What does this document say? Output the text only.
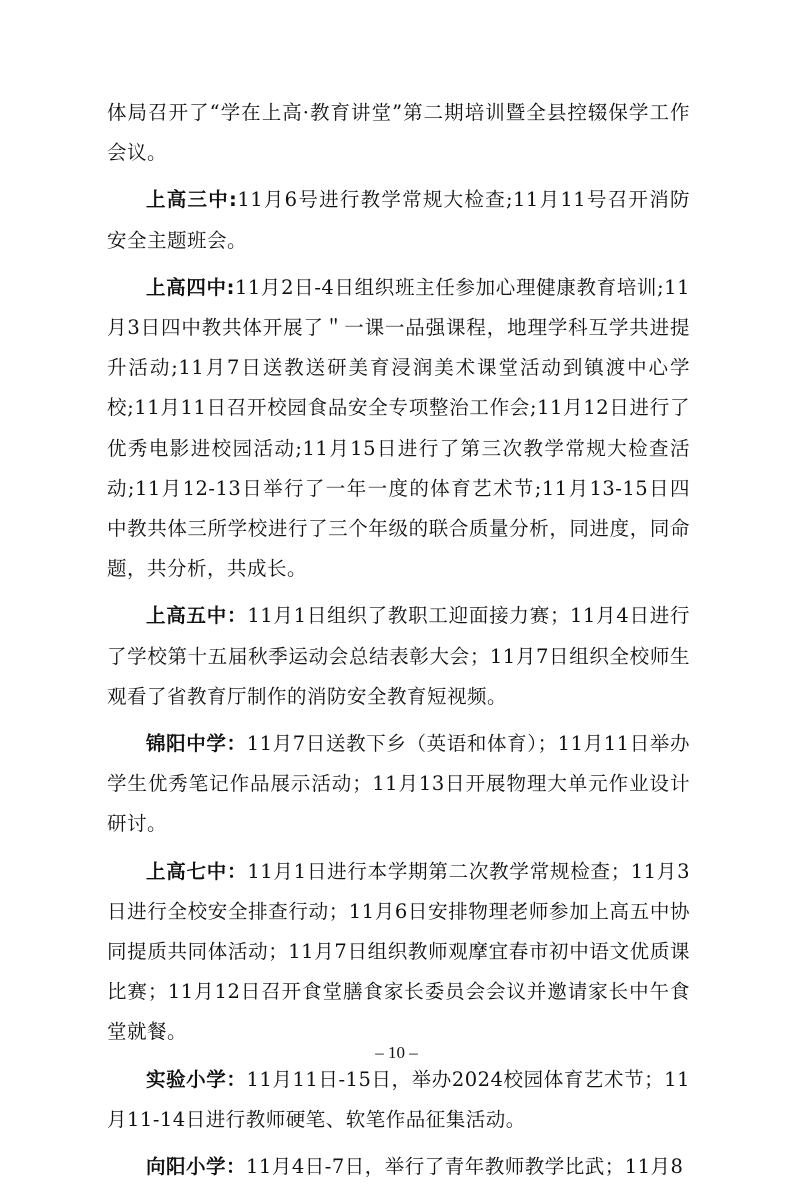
体局召开了“学在上高·教育讲堂”第二期培训暨全县控辍保学工作会议。

上高三中:11月6号进行教学常规大检查;11月11号召开消防安全主题班会。

上高四中:11月2日-4日组织班主任参加心理健康教育培训;11月3日四中教共体开展了＂一课一品强课程，地理学科互学共进提升活动;11月7日送教送研美育浸润美术课堂活动到镇渡中心学校;11月11日召开校园食品安全专项整治工作会;11月12日进行了优秀电影进校园活动;11月15日进行了第三次教学常规大检查活动;11月12-13日举行了一年一度的体育艺术节;11月13-15日四中教共体三所学校进行了三个年级的联合质量分析，同进度，同命题，共分析，共成长。

上高五中：11月1日组织了教职工迎面接力赛；11月4日进行了学校第十五届秋季运动会总结表彰大会；11月7日组织全校师生观看了省教育厅制作的消防安全教育短视频。

锦阳中学：11月7日送教下乡（英语和体育）；11月11日举办学生优秀笔记作品展示活动；11月13日开展物理大单元作业设计研讨。

上高七中：11月1日进行本学期第二次教学常规检查；11月3日进行全校安全排查行动；11月6日安排物理老师参加上高五中协同提质共同体活动；11月7日组织教师观摩宜春市初中语文优质课比赛；11月12日召开食堂膳食家长委员会会议并邀请家长中午食堂就餐。

实验小学：11月11日-15日，举办2024校园体育艺术节；11月11-14日进行教师硬笔、软笔作品征集活动。

向阳小学：11月4日-7日，举行了青年教师教学比武；11月8

– 10 –
